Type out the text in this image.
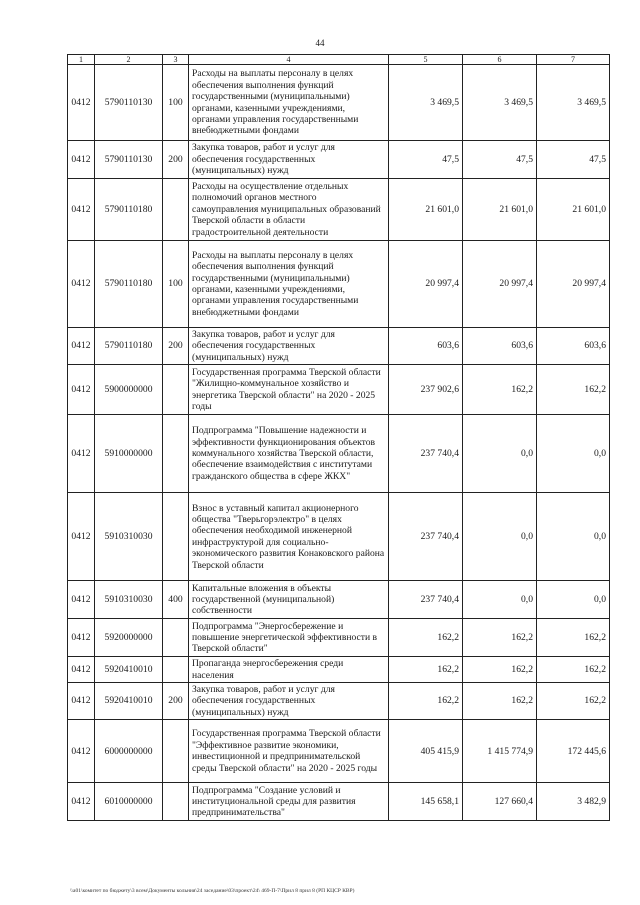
44
1	2	3	4	5	6	7
0412	5790110130	100	Расходы на выплаты персоналу в целях обеспечения выполнения функций государственными (муниципальными) органами, казенными учреждениями, органами управления государственными внебюджетными фондами	3 469,5	3 469,5	3 469,5
0412	5790110130	200	Закупка товаров, работ и услуг для обеспечения государственных (муниципальных) нужд	47,5	47,5	47,5
0412	5790110180		Расходы на осуществление отдельных полномочий органов местного самоуправления муниципальных образований Тверской области в области градостроительной деятельности	21 601,0	21 601,0	21 601,0
0412	5790110180	100	Расходы на выплаты персоналу в целях обеспечения выполнения функций государственными (муниципальными) органами, казенными учреждениями, органами управления государственными внебюджетными фондами	20 997,4	20 997,4	20 997,4
0412	5790110180	200	Закупка товаров, работ и услуг для обеспечения государственных (муниципальных) нужд	603,6	603,6	603,6
0412	5900000000		Государственная программа Тверской области "Жилищно-коммунальное хозяйство и энергетика Тверской области" на 2020 - 2025 годы	237 902,6	162,2	162,2
0412	5910000000		Подпрограмма "Повышение надежности и эффективности функционирования объектов коммунального хозяйства Тверской области, обеспечение взаимодействия с институтами гражданского общества в сфере ЖКХ"	237 740,4	0,0	0,0
0412	5910310030		Взнос в уставный капитал акционерного общества "Тверьгорэлектро" в целях обеспечения необходимой инженерной инфраструктурой для социально-экономического развития Конаковского района Тверской области	237 740,4	0,0	0,0
0412	5910310030	400	Капитальные вложения в объекты государственной (муниципальной) собственности	237 740,4	0,0	0,0
0412	5920000000		Подпрограмма "Энергосбережение и повышение энергетической эффективности в Тверской области"	162,2	162,2	162,2
0412	5920410010		Пропаганда энергосбережения среди населения	162,2	162,2	162,2
0412	5920410010	200	Закупка товаров, работ и услуг для обеспечения государственных (муниципальных) нужд	162,2	162,2	162,2
0412	6000000000		Государственная программа Тверской области "Эффективное развитие экономики, инвестиционной и предпринимательской среды Тверской области" на 2020 - 2025 годы	405 415,9	1 415 774,9	172 445,6
0412	6010000000		Подпрограмма "Создание условий и институциональной среды для развития предпринимательства"	145 658,1	127 660,4	3 482,9
\\a01\комитет по бюджету\3 всем\Документы кольния\24 заседание\03\проект\24\ 469-П-7\Прил 8 прил 8 (РП КЦСР КВР)
